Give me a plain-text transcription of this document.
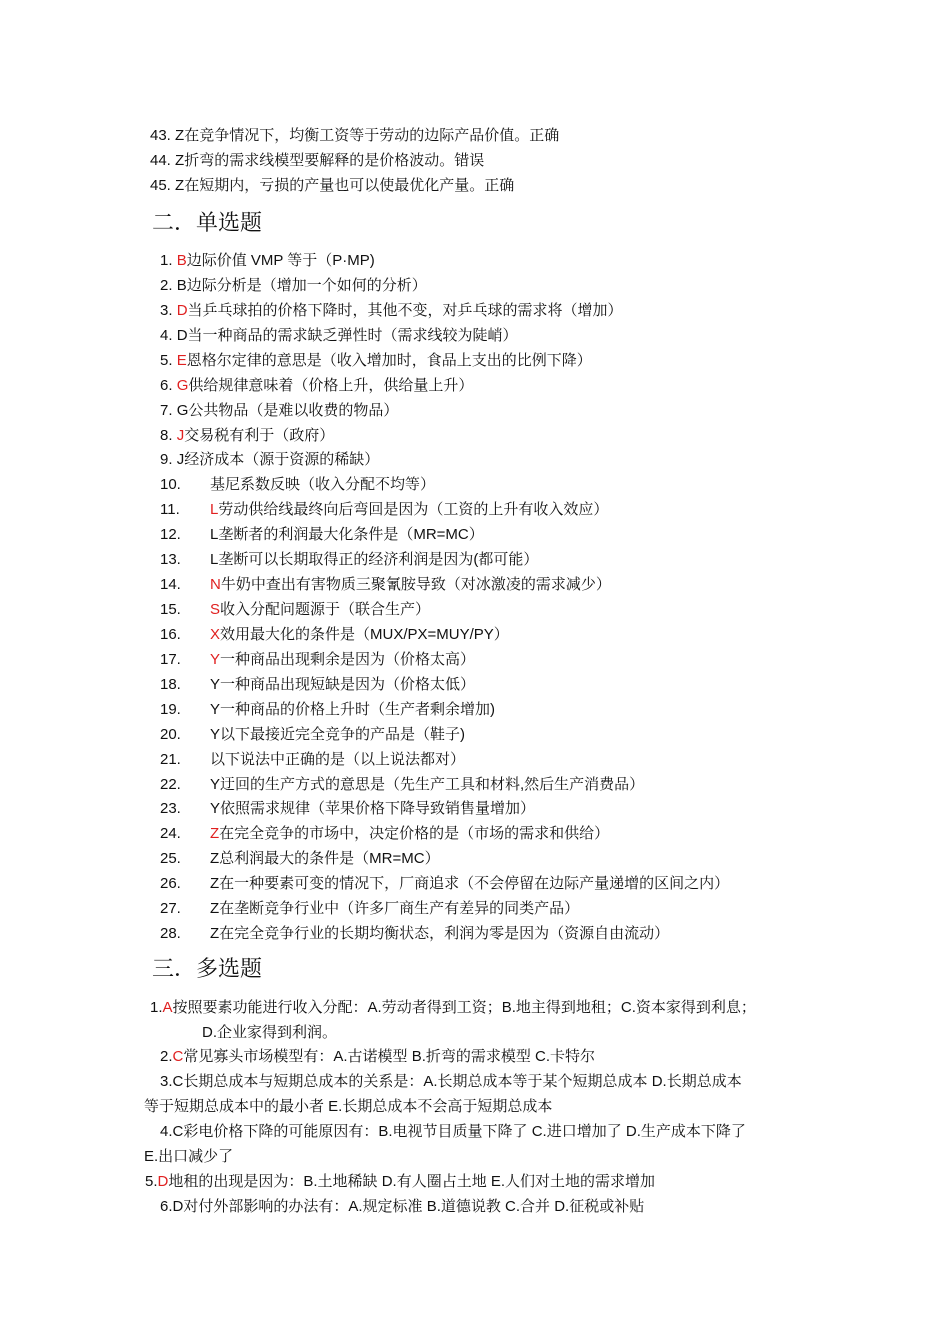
43. Z在竞争情况下，均衡工资等于劳动的边际产品价值。正确
44. Z折弯的需求线模型要解释的是价格波动。错误
45. Z在短期内，亏损的产量也可以使最优化产量。正确
二．单选题
1. B边际价值 VMP 等于（P·MP)
2. B边际分析是（增加一个如何的分析）
3. D当乒乓球拍的价格下降时，其他不变，对乒乓球的需求将（增加）
4. D当一种商品的需求缺乏弹性时（需求线较为陡峭）
5. E恩格尔定律的意思是（收入增加时，食品上支出的比例下降）
6. G供给规律意味着（价格上升，供给量上升）
7. G公共物品（是难以收费的物品）
8. J交易税有利于（政府）
9. J经济成本（源于资源的稀缺）
10. 基尼系数反映（收入分配不均等）
11. L劳动供给线最终向后弯回是因为（工资的上升有收入效应）
12. L垄断者的利润最大化条件是（MR=MC）
13. L垄断可以长期取得正的经济利润是因为(都可能）
14. N牛奶中查出有害物质三聚氰胺导致（对冰激凌的需求减少）
15. S收入分配问题源于（联合生产）
16. X效用最大化的条件是（MUX/PX=MUY/PY）
17. Y一种商品出现剩余是因为（价格太高）
18. Y一种商品出现短缺是因为（价格太低）
19. Y一种商品的价格上升时（生产者剩余增加)
20. Y以下最接近完全竞争的产品是（鞋子)
21. 以下说法中正确的是（以上说法都对）
22. Y迂回的生产方式的意思是（先生产工具和材料,然后生产消费品）
23. Y依照需求规律（苹果价格下降导致销售量增加）
24. Z在完全竞争的市场中，决定价格的是（市场的需求和供给）
25. Z总利润最大的条件是（MR=MC）
26. Z在一种要素可变的情况下，厂商追求（不会停留在边际产量递增的区间之内）
27. Z在垄断竞争行业中（许多厂商生产有差异的同类产品）
28. Z在完全竞争行业的长期均衡状态，利润为零是因为（资源自由流动）
三．多选题
1.A按照要素功能进行收入分配：A.劳动者得到工资；B.地主得到地租；C.资本家得到利息；
D.企业家得到利润。
2.C常见寡头市场模型有：A.古诺模型 B.折弯的需求模型 C.卡特尔
3.C长期总成本与短期总成本的关系是：A.长期总成本等于某个短期总成本 D.长期总成本
等于短期总成本中的最小者 E.长期总成本不会高于短期总成本
4.C彩电价格下降的可能原因有：B.电视节目质量下降了 C.进口增加了 D.生产成本下降了
E.出口减少了
5.D地租的出现是因为：B.土地稀缺 D.有人圈占土地 E.人们对土地的需求增加
6.D对付外部影响的办法有：A.规定标准 B.道德说教 C.合并 D.征税或补贴
